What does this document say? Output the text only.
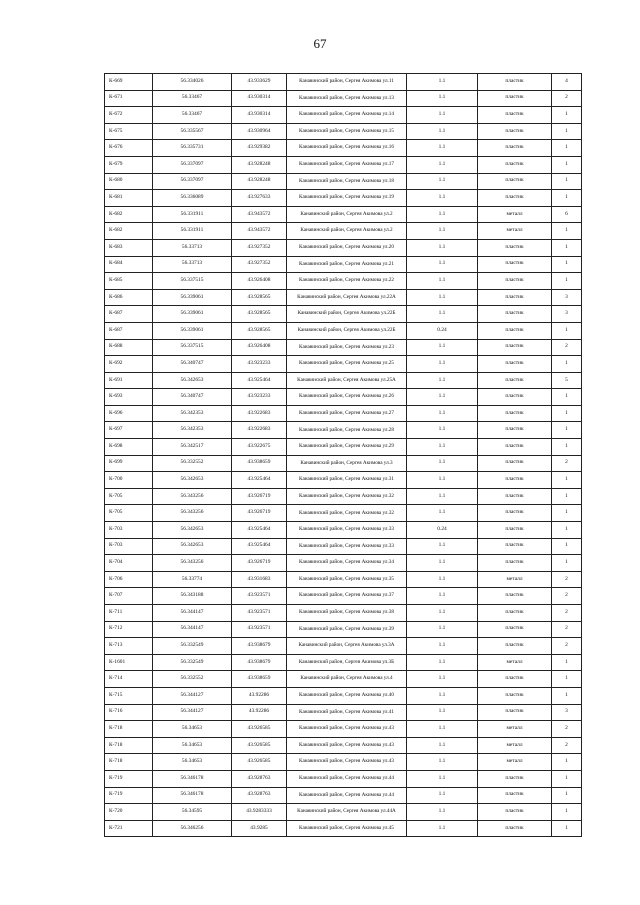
67
К-669	56.334026	43.933629	Канавинский район, Сергея Акимова ул.11	1.1	пластик	4
К-671	56.33467	43.930314	Канавинский район, Сергея Акимова ул.13	1.1	пластик	2
К-672	56.33467	43.930314	Канавинский район, Сергея Акимова ул.14	1.1	пластик	1
К-675	56.335567	43.930964	Канавинский район, Сергея Акимова ул.15	1.1	пластик	1
К-676	56.335731	43.929382	Канавинский район, Сергея Акимова ул.16	1.1	пластик	1
К-679	56.337097	43.928248	Канавинский район, Сергея Акимова ул.17	1.1	пластик	1
К-680	56.337097	43.928248	Канавинский район, Сергея Акимова ул.18	1.1	пластик	1
К-681	56.336089	43.927633	Канавинский район, Сергея Акимова ул.19	1.1	пластик	1
К-682	56.331911	43.943572	Канавинский район, Сергея Акимова ул.2	1.1	металл	6
К-682	56.331911	43.943572	Канавинский район, Сергея Акимова ул.2	1.1	металл	1
К-683	56.33713	43.927352	Канавинский район, Сергея Акимова ул.20	1.1	пластик	1
К-684	56.33713	43.927352	Канавинский район, Сергея Акимова ул.21	1.1	пластик	1
К-685	56.337515	43.926408	Канавинский район, Сергея Акимова ул.22	1.1	пластик	1
К-686	56.339061	43.928565	Канавинский район, Сергея Акимова ул.22А	1.1	пластик	3
К-687	56.339061	43.928565	Канавинский район, Сергея Акимова ул.22Б	1.1	пластик	3
К-687	56.339061	43.928565	Канавинский район, Сергея Акимова ул.22Б	0.24	пластик	1
К-688	56.337515	43.926408	Канавинский район, Сергея Акимова ул.23	1.1	пластик	2
К-692	56.340747	43.923233	Канавинский район, Сергея Акимова ул.25	1.1	пластик	1
К-691	56.342653	43.925464	Канавинский район, Сергея Акимова ул.25А	1.1	пластик	5
К-693	56.340747	43.923233	Канавинский район, Сергея Акимова ул.26	1.1	пластик	1
К-696	56.342353	43.922683	Канавинский район, Сергея Акимова ул.27	1.1	пластик	1
К-697	56.342353	43.922683	Канавинский район, Сергея Акимова ул.28	1.1	пластик	1
К-698	56.342517	43.922675	Канавинский район, Сергея Акимова ул.29	1.1	пластик	1
К-699	56.332552	43.938659	Канавинский район, Сергея Акимова ул.3	1.1	пластик	2
К-700	56.342653	43.925464	Канавинский район, Сергея Акимова ул.31	1.1	пластик	1
К-705	56.343256	43.926719	Канавинский район, Сергея Акимова ул.32	1.1	пластик	1
К-705	56.343256	43.926719	Канавинский район, Сергея Акимова ул.32	1.1	пластик	1
К-703	56.342653	43.925464	Канавинский район, Сергея Акимова ул.33	0.24	пластик	1
К-703	56.342653	43.925464	Канавинский район, Сергея Акимова ул.33	1.1	пластик	1
К-704	56.343256	43.926719	Канавинский район, Сергея Акимова ул.34	1.1	пластик	1
К-706	56.33774	43.931683	Канавинский район, Сергея Акимова ул.35	1.1	металл	2
К-707	56.343188	43.923571	Канавинский район, Сергея Акимова ул.37	1.1	пластик	2
К-711	56.344147	43.923571	Канавинский район, Сергея Акимова ул.38	1.1	пластик	2
К-712	56.344147	43.923571	Канавинский район, Сергея Акимова ул.39	1.1	пластик	2
К-713	56.332549	43.938679	Канавинский район, Сергея Акимова ул.3А	1.1	пластик	2
К-1601	56.332549	43.938679	Канавинский район, Сергея Акимова ул.3Б	1.1	металл	1
К-714	56.332552	43.938659	Канавинский район, Сергея Акимова ул.4	1.1	пластик	1
К-715	56.344127	43.92286	Канавинский район, Сергея Акимова ул.40	1.1	пластик	1
К-716	56.344127	43.92286	Канавинский район, Сергея Акимова ул.41	1.1	пластик	3
К-718	56.34653	43.926585	Канавинский район, Сергея Акимова ул.43	1.1	металл	2
К-718	56.34653	43.926585	Канавинский район, Сергея Акимова ул.43	1.1	металл	2
К-718	56.34653	43.926585	Канавинский район, Сергея Акимова ул.43	1.1	металл	1
К-719	56.346178	43.928763	Канавинский район, Сергея Акимова ул.44	1.1	пластик	1
К-719	56.346178	43.928763	Канавинский район, Сергея Акимова ул.44	1.1	пластик	1
К-720	56.34595	43.9283333	Канавинский район, Сергея Акимова ул.44А	1.1	пластик	1
К-721	56.346256	43.9285	Канавинский район, Сергея Акимова ул.45	1.1	пластик	1
